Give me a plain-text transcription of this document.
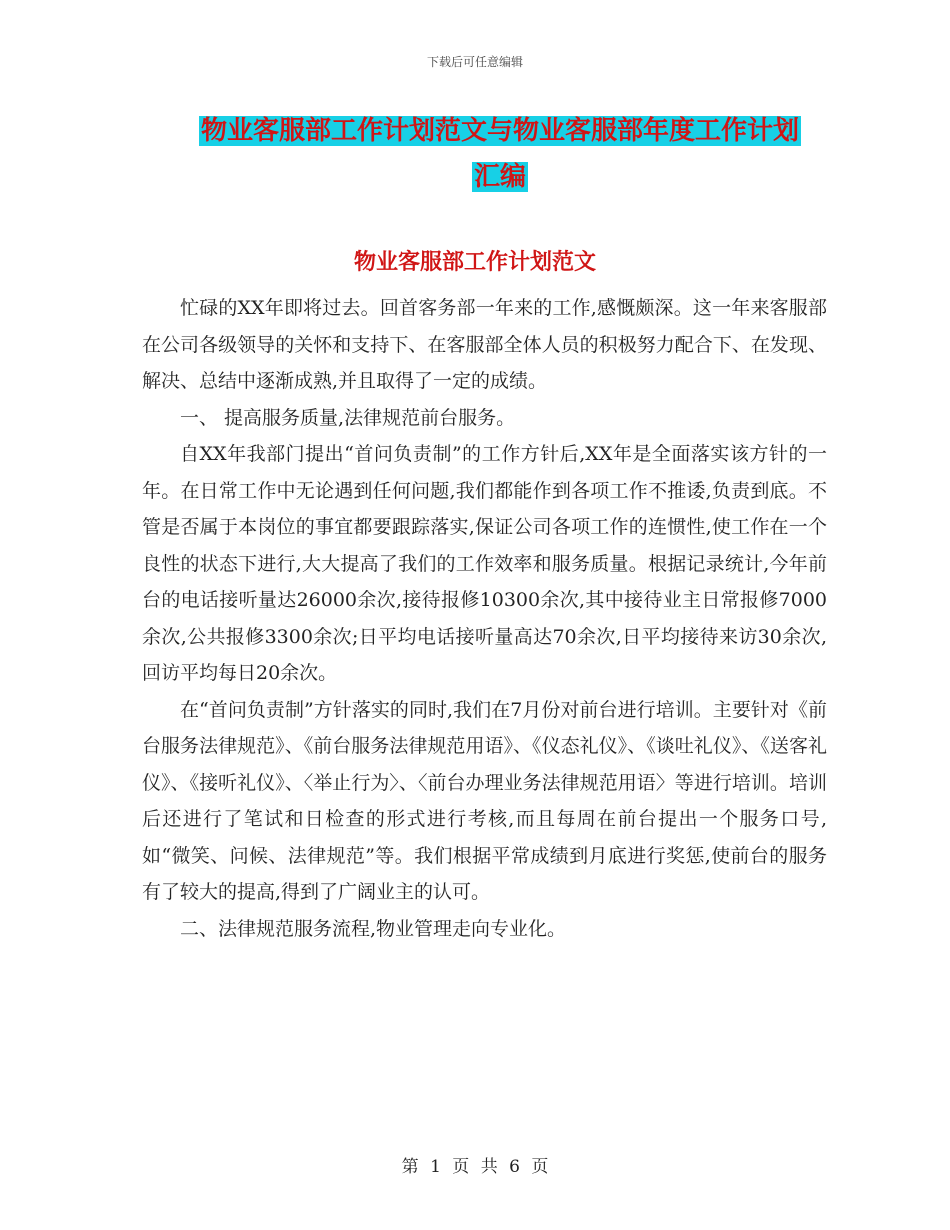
下载后可任意编辑
物业客服部工作计划范文与物业客服部年度工作计划
汇编
物业客服部工作计划范文

忙碌的XX年即将过去。回首客务部一年来的工作,感慨颇深。这一年来客服部在公司各级领导的关怀和支持下、在客服部全体人员的积极努力配合下、在发现、解决、总结中逐渐成熟,并且取得了一定的成绩。

一、 提高服务质量,法律规范前台服务。

自XX年我部门提出“首问负责制”的工作方针后,XX年是全面落实该方针的一年。在日常工作中无论遇到任何问题,我们都能作到各项工作不推诿,负责到底。不管是否属于本岗位的事宜都要跟踪落实,保证公司各项工作的连惯性,使工作在一个良性的状态下进行,大大提高了我们的工作效率和服务质量。根据记录统计,今年前台的电话接听量达26000余次,接待报修10300余次,其中接待业主日常报修7000余次,公共报修3300余次;日平均电话接听量高达70余次,日平均接待来访30余次,回访平均每日20余次。

在“首问负责制”方针落实的同时,我们在7月份对前台进行培训。主要针对《前台服务法律规范》、《前台服务法律规范用语》、《仪态礼仪》、《谈吐礼仪》、《送客礼仪》、《接听礼仪》、〈举止行为〉、〈前台办理业务法律规范用语〉等进行培训。培训后还进行了笔试和日检查的形式进行考核,而且每周在前台提出一个服务口号,如“微笑、问候、法律规范”等。我们根据平常成绩到月底进行奖惩,使前台的服务有了较大的提高,得到了广阔业主的认可。

二、法律规范服务流程,物业管理走向专业化。

第 1 页 共 6 页
